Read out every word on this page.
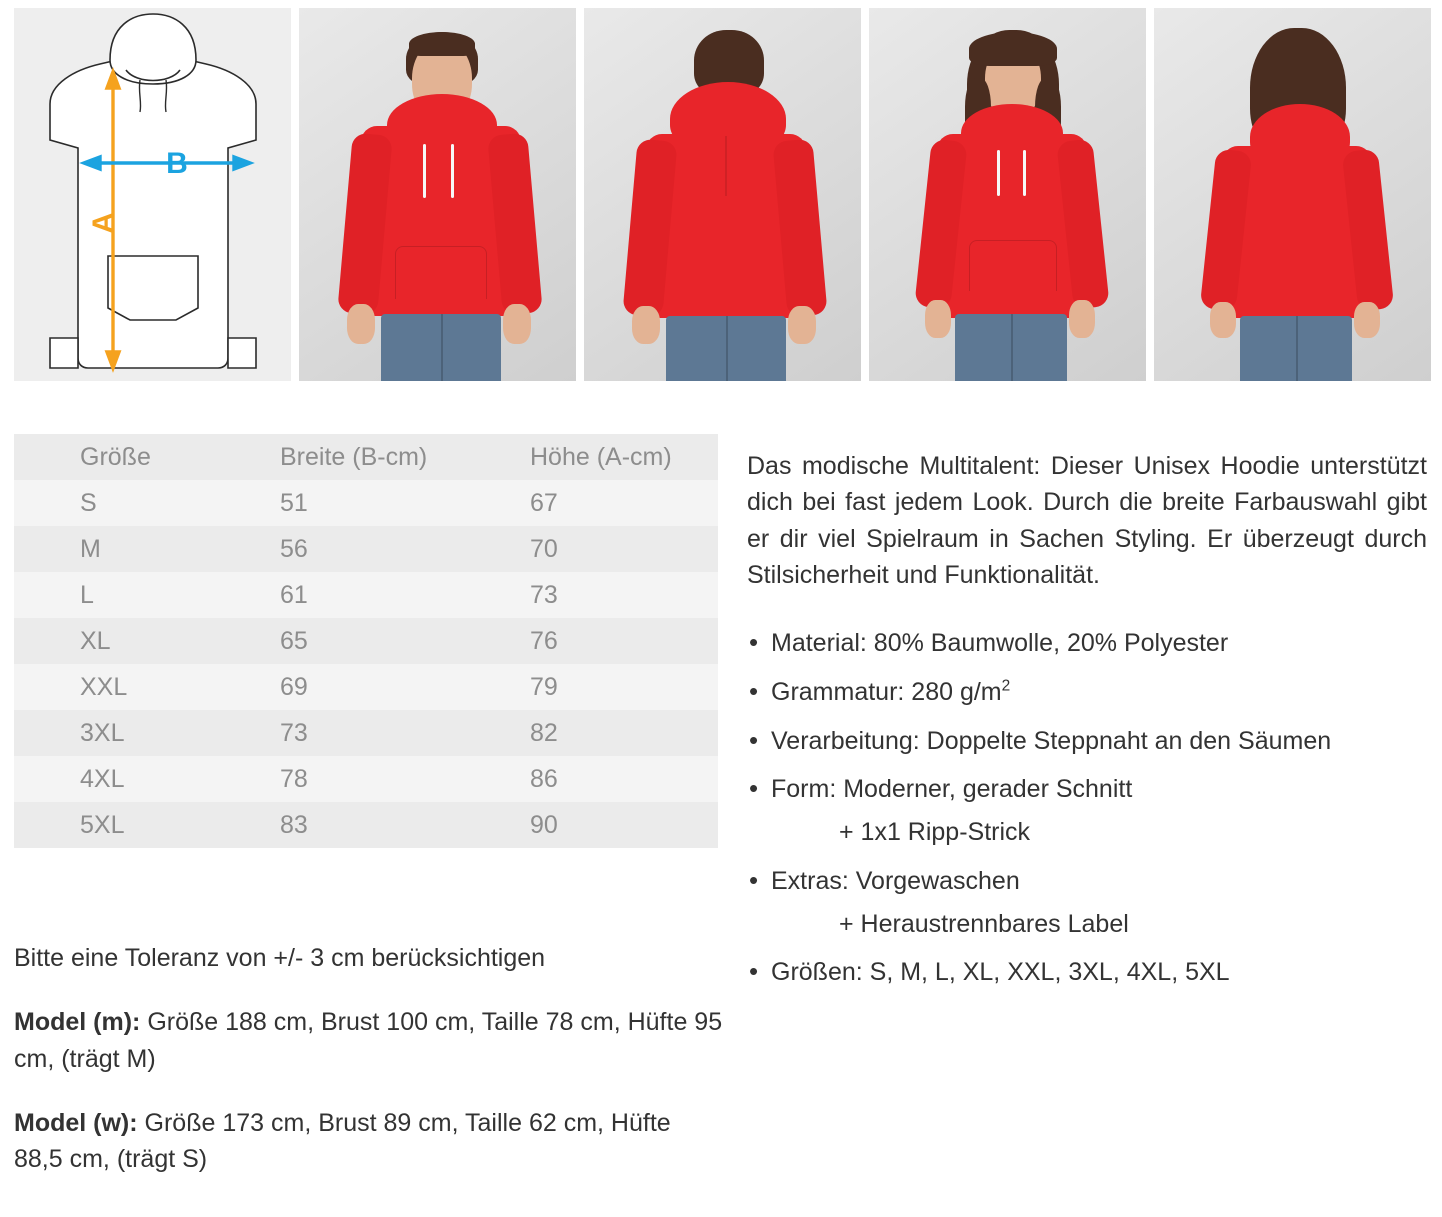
A
B
Größe	Breite (B-cm)	Höhe (A-cm)
S	51	67
M	56	70
L	61	73
XL	65	76
XXL	69	79
3XL	73	82
4XL	78	86
5XL	83	90

Bitte eine Toleranz von +/- 3 cm berücksichtigen

Model (m): Größe 188 cm, Brust 100 cm, Taille 78 cm, Hüfte 95 cm, (trägt M)

Model (w): Größe 173 cm, Brust 89 cm, Taille 62 cm, Hüfte 88,5 cm, (trägt S)

Das modische Multitalent: Dieser Unisex Hoodie unterstützt dich bei fast jedem Look. Durch die breite Farbauswahl gibt er dir viel Spielraum in Sachen Styling. Er überzeugt durch Stilsicherheit und Funktionalität.

• Material: 80% Baumwolle, 20% Polyester
• Grammatur: 280 $g/m^2$
• Verarbeitung: Doppelte Steppnaht an den Säumen
• Form: Moderner, gerader Schnitt
+ 1x1 Ripp-Strick
• Extras: Vorgewaschen
+ Heraustrennbares Label
• Größen: S, M, L, XL, XXL, 3XL, 4XL, 5XL
